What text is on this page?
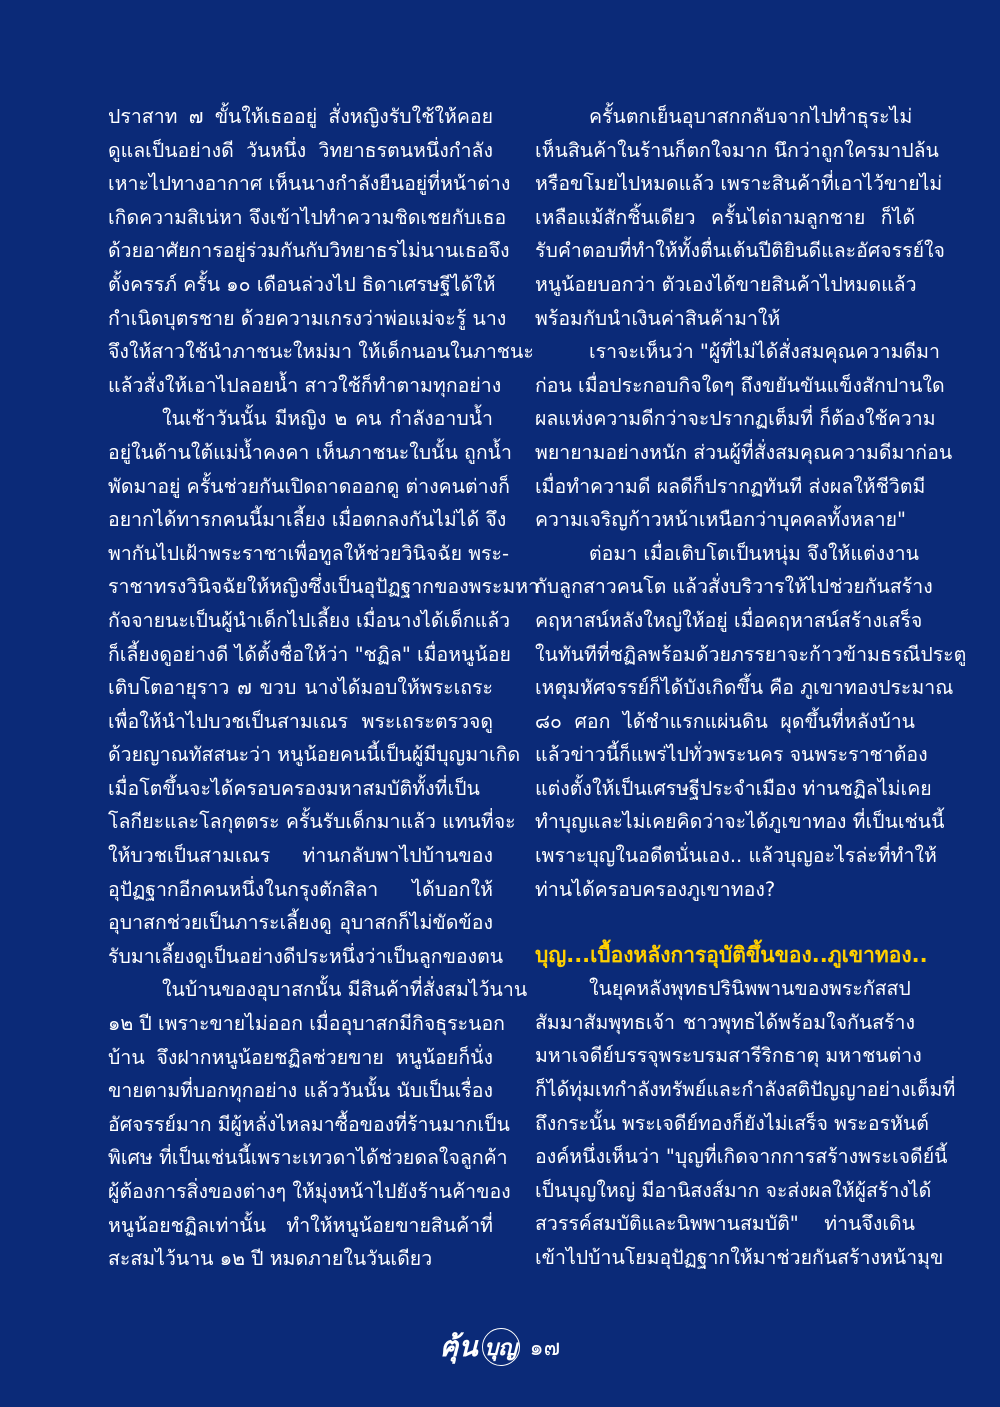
ปราสาท ๗ ขั้นให้เธออยู่ สั่งหญิงรับใช้ให้คอย
ดูแลเป็นอย่างดี วันหนึ่ง วิทยาธรตนหนึ่งกำลัง
เหาะไปทางอากาศ เห็นนางกำลังยืนอยู่ที่หน้าต่าง
เกิดความสิเน่หา จึงเข้าไปทำความชิดเชยกับเธอ
ด้วยอาศัยการอยู่ร่วมกันกับวิทยาธรไม่นานเธอจึง
ตั้งครรภ์ ครั้น ๑๐ เดือนล่วงไป ธิดาเศรษฐีได้ให้
กำเนิดบุตรชาย ด้วยความเกรงว่าพ่อแม่จะรู้ นาง
จึงให้สาวใช้นำภาชนะใหม่มา ให้เด็กนอนในภาชนะ
แล้วสั่งให้เอาไปลอยน้ำ สาวใช้ก็ทำตามทุกอย่าง
ในเช้าวันนั้น มีหญิง ๒ คน กำลังอาบน้ำ
อยู่ในด้านใต้แม่น้ำคงคา เห็นภาชนะใบนั้น ถูกน้ำ
พัดมาอยู่ ครั้นช่วยกันเปิดถาดออกดู ต่างคนต่างก็
อยากได้ทารกคนนี้มาเลี้ยง เมื่อตกลงกันไม่ได้ จึง
พากันไปเฝ้าพระราชาเพื่อทูลให้ช่วยวินิจฉัย พระ-
ราชาทรงวินิจฉัยให้หญิงซึ่งเป็นอุปัฏฐากของพระมหา
กัจจายนะเป็นผู้นำเด็กไปเลี้ยง เมื่อนางได้เด็กแล้ว
ก็เลี้ยงดูอย่างดี ได้ตั้งชื่อให้ว่า "ชฏิล" เมื่อหนูน้อย
เติบโตอายุราว ๗ ขวบ นางได้มอบให้พระเถระ
เพื่อให้นำไปบวชเป็นสามเณร พระเถระตรวจดู
ด้วยญาณทัสสนะว่า หนูน้อยคนนี้เป็นผู้มีบุญมาเกิด
เมื่อโตขึ้นจะได้ครอบครองมหาสมบัติทั้งที่เป็น
โลกียะและโลกุตตระ ครั้นรับเด็กมาแล้ว แทนที่จะ
ให้บวชเป็นสามเณร ท่านกลับพาไปบ้านของ
อุปัฏฐากอีกคนหนึ่งในกรุงตักสิลา ได้บอกให้
อุบาสกช่วยเป็นภาระเลี้ยงดู อุบาสกก็ไม่ขัดข้อง
รับมาเลี้ยงดูเป็นอย่างดีประหนึ่งว่าเป็นลูกของตน
ในบ้านของอุบาสกนั้น มีสินค้าที่สั่งสมไว้นาน
๑๒ ปี เพราะขายไม่ออก เมื่ออุบาสกมีกิจธุระนอก
บ้าน จึงฝากหนูน้อยชฏิลช่วยขาย หนูน้อยก็นั่ง
ขายตามที่บอกทุกอย่าง แล้ววันนั้น นับเป็นเรื่อง
อัศจรรย์มาก มีผู้หลั่งไหลมาซื้อของที่ร้านมากเป็น
พิเศษ ที่เป็นเช่นนี้เพราะเทวดาได้ช่วยดลใจลูกค้า
ผู้ต้องการสิ่งของต่างๆ ให้มุ่งหน้าไปยังร้านค้าของ
หนูน้อยชฏิลเท่านั้น ทำให้หนูน้อยขายสินค้าที่
สะสมไว้นาน ๑๒ ปี หมดภายในวันเดียว
ครั้นตกเย็นอุบาสกกลับจากไปทำธุระไม่
เห็นสินค้าในร้านก็ตกใจมาก นึกว่าถูกใครมาปล้น
หรือขโมยไปหมดแล้ว เพราะสินค้าที่เอาไว้ขายไม่
เหลือแม้สักชิ้นเดียว ครั้นไต่ถามลูกชาย ก็ได้
รับคำตอบที่ทำให้ทั้งตื่นเต้นปีติยินดีและอัศจรรย์ใจ
หนูน้อยบอกว่า ตัวเองได้ขายสินค้าไปหมดแล้ว
พร้อมกับนำเงินค่าสินค้ามาให้
เราจะเห็นว่า "ผู้ที่ไม่ได้สั่งสมคุณความดีมา
ก่อน เมื่อประกอบกิจใดๆ ถึงขยันขันแข็งสักปานใด
ผลแห่งความดีกว่าจะปรากฏเต็มที่ ก็ต้องใช้ความ
พยายามอย่างหนัก ส่วนผู้ที่สั่งสมคุณความดีมาก่อน
เมื่อทำความดี ผลดีก็ปรากฏทันที ส่งผลให้ชีวิตมี
ความเจริญก้าวหน้าเหนือกว่าบุคคลทั้งหลาย"
ต่อมา เมื่อเติบโตเป็นหนุ่ม จึงให้แต่งงาน
กับลูกสาวคนโต แล้วสั่งบริวารให้ไปช่วยกันสร้าง
คฤหาสน์หลังใหญ่ให้อยู่ เมื่อคฤหาสน์สร้างเสร็จ
ในทันทีที่ชฏิลพร้อมด้วยภรรยาจะก้าวข้ามธรณีประตู
เหตุมหัศจรรย์ก็ได้บังเกิดขึ้น คือ ภูเขาทองประมาณ
๘๐ ศอก ได้ชำแรกแผ่นดิน ผุดขึ้นที่หลังบ้าน
แล้วข่าวนี้ก็แพร่ไปทั่วพระนคร จนพระราชาต้อง
แต่งตั้งให้เป็นเศรษฐีประจำเมือง ท่านชฏิลไม่เคย
ทำบุญและไม่เคยคิดว่าจะได้ภูเขาทอง ที่เป็นเช่นนี้
เพราะบุญในอดีตนั่นเอง.. แล้วบุญอะไรล่ะที่ทำให้
ท่านได้ครอบครองภูเขาทอง?
บุญ...เบื้องหลังการอุบัติขึ้นของ..ภูเขาทอง..
ในยุคหลังพุทธปรินิพพานของพระกัสสป
สัมมาสัมพุทธเจ้า ชาวพุทธได้พร้อมใจกันสร้าง
มหาเจดีย์บรรจุพระบรมสารีริกธาตุ มหาชนต่าง
ก็ได้ทุ่มเทกำลังทรัพย์และกำลังสติปัญญาอย่างเต็มที่
ถึงกระนั้น พระเจดีย์ทองก็ยังไม่เสร็จ พระอรหันต์
องค์หนึ่งเห็นว่า "บุญที่เกิดจากการสร้างพระเจดีย์นี้
เป็นบุญใหญ่ มีอานิสงส์มาก จะส่งผลให้ผู้สร้างได้
สวรรค์สมบัติและนิพพานสมบัติ" ท่านจึงเดิน
เข้าไปบ้านโยมอุปัฏฐากให้มาช่วยกันสร้างหน้ามุข
ฅุ้น บุญ ๑๗
